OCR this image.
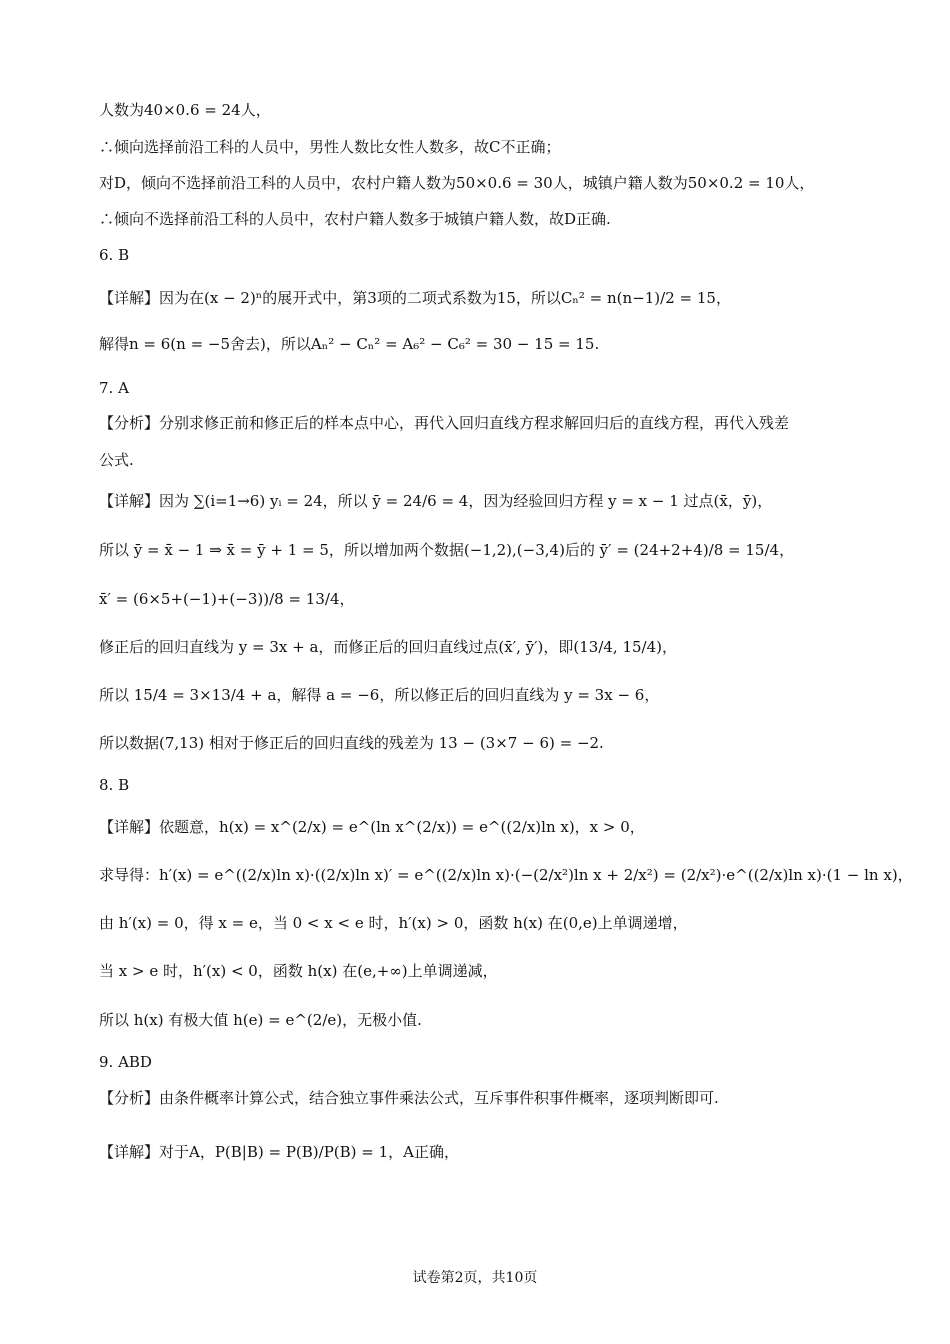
人数为40×0.6 = 24人，
∴倾向选择前沿工科的人员中，男性人数比女性人数多，故C不正确；
对D，倾向不选择前沿工科的人员中，农村户籍人数为50×0.6 = 30人，城镇户籍人数为50×0.2 = 10人，
∴倾向不选择前沿工科的人员中，农村户籍人数多于城镇户籍人数，故D正确.
6. B
【详解】因为在(x − 2)ⁿ的展开式中，第3项的二项式系数为15，所以Cₙ² = n(n−1)/2 = 15，
解得n = 6(n = −5舍去)，所以Aₙ² − Cₙ² = A₆² − C₆² = 30 − 15 = 15.
7. A
【分析】分别求修正前和修正后的样本点中心，再代入回归直线方程求解回归后的直线方程，再代入残差
公式.
【详解】因为 ∑(i=1→6) yᵢ = 24，所以 ȳ = 24/6 = 4，因为经验回归方程 y = x − 1 过点(x̄，ȳ)，
所以 ȳ = x̄ − 1 ⇒ x̄ = ȳ + 1 = 5，所以增加两个数据(−1,2),(−3,4)后的 ȳ′ = (24+2+4)/8 = 15/4，
x̄′ = (6×5+(−1)+(−3))/8 = 13/4，
修正后的回归直线为 y = 3x + a，而修正后的回归直线过点(x̄′, ȳ′)，即(13/4, 15/4)，
所以 15/4 = 3×13/4 + a，解得 a = −6，所以修正后的回归直线为 y = 3x − 6，
所以数据(7,13) 相对于修正后的回归直线的残差为 13 − (3×7 − 6) = −2.
8. B
【详解】依题意，h(x) = x^(2/x) = e^(ln x^(2/x)) = e^((2/x)ln x)，x > 0，
求导得：h′(x) = e^((2/x)ln x)·((2/x)ln x)′ = e^((2/x)ln x)·(−(2/x²)ln x + 2/x²) = (2/x²)·e^((2/x)ln x)·(1 − ln x)，
由 h′(x) = 0，得 x = e，当 0 < x < e 时，h′(x) > 0，函数 h(x) 在(0,e)上单调递增，
当 x > e 时，h′(x) < 0，函数 h(x) 在(e,+∞)上单调递减，
所以 h(x) 有极大值 h(e) = e^(2/e)，无极小值.
9. ABD
【分析】由条件概率计算公式，结合独立事件乘法公式，互斥事件积事件概率，逐项判断即可.
【详解】对于A，P(B|B) = P(B)/P(B) = 1，A正确，
试卷第2页，共10页
